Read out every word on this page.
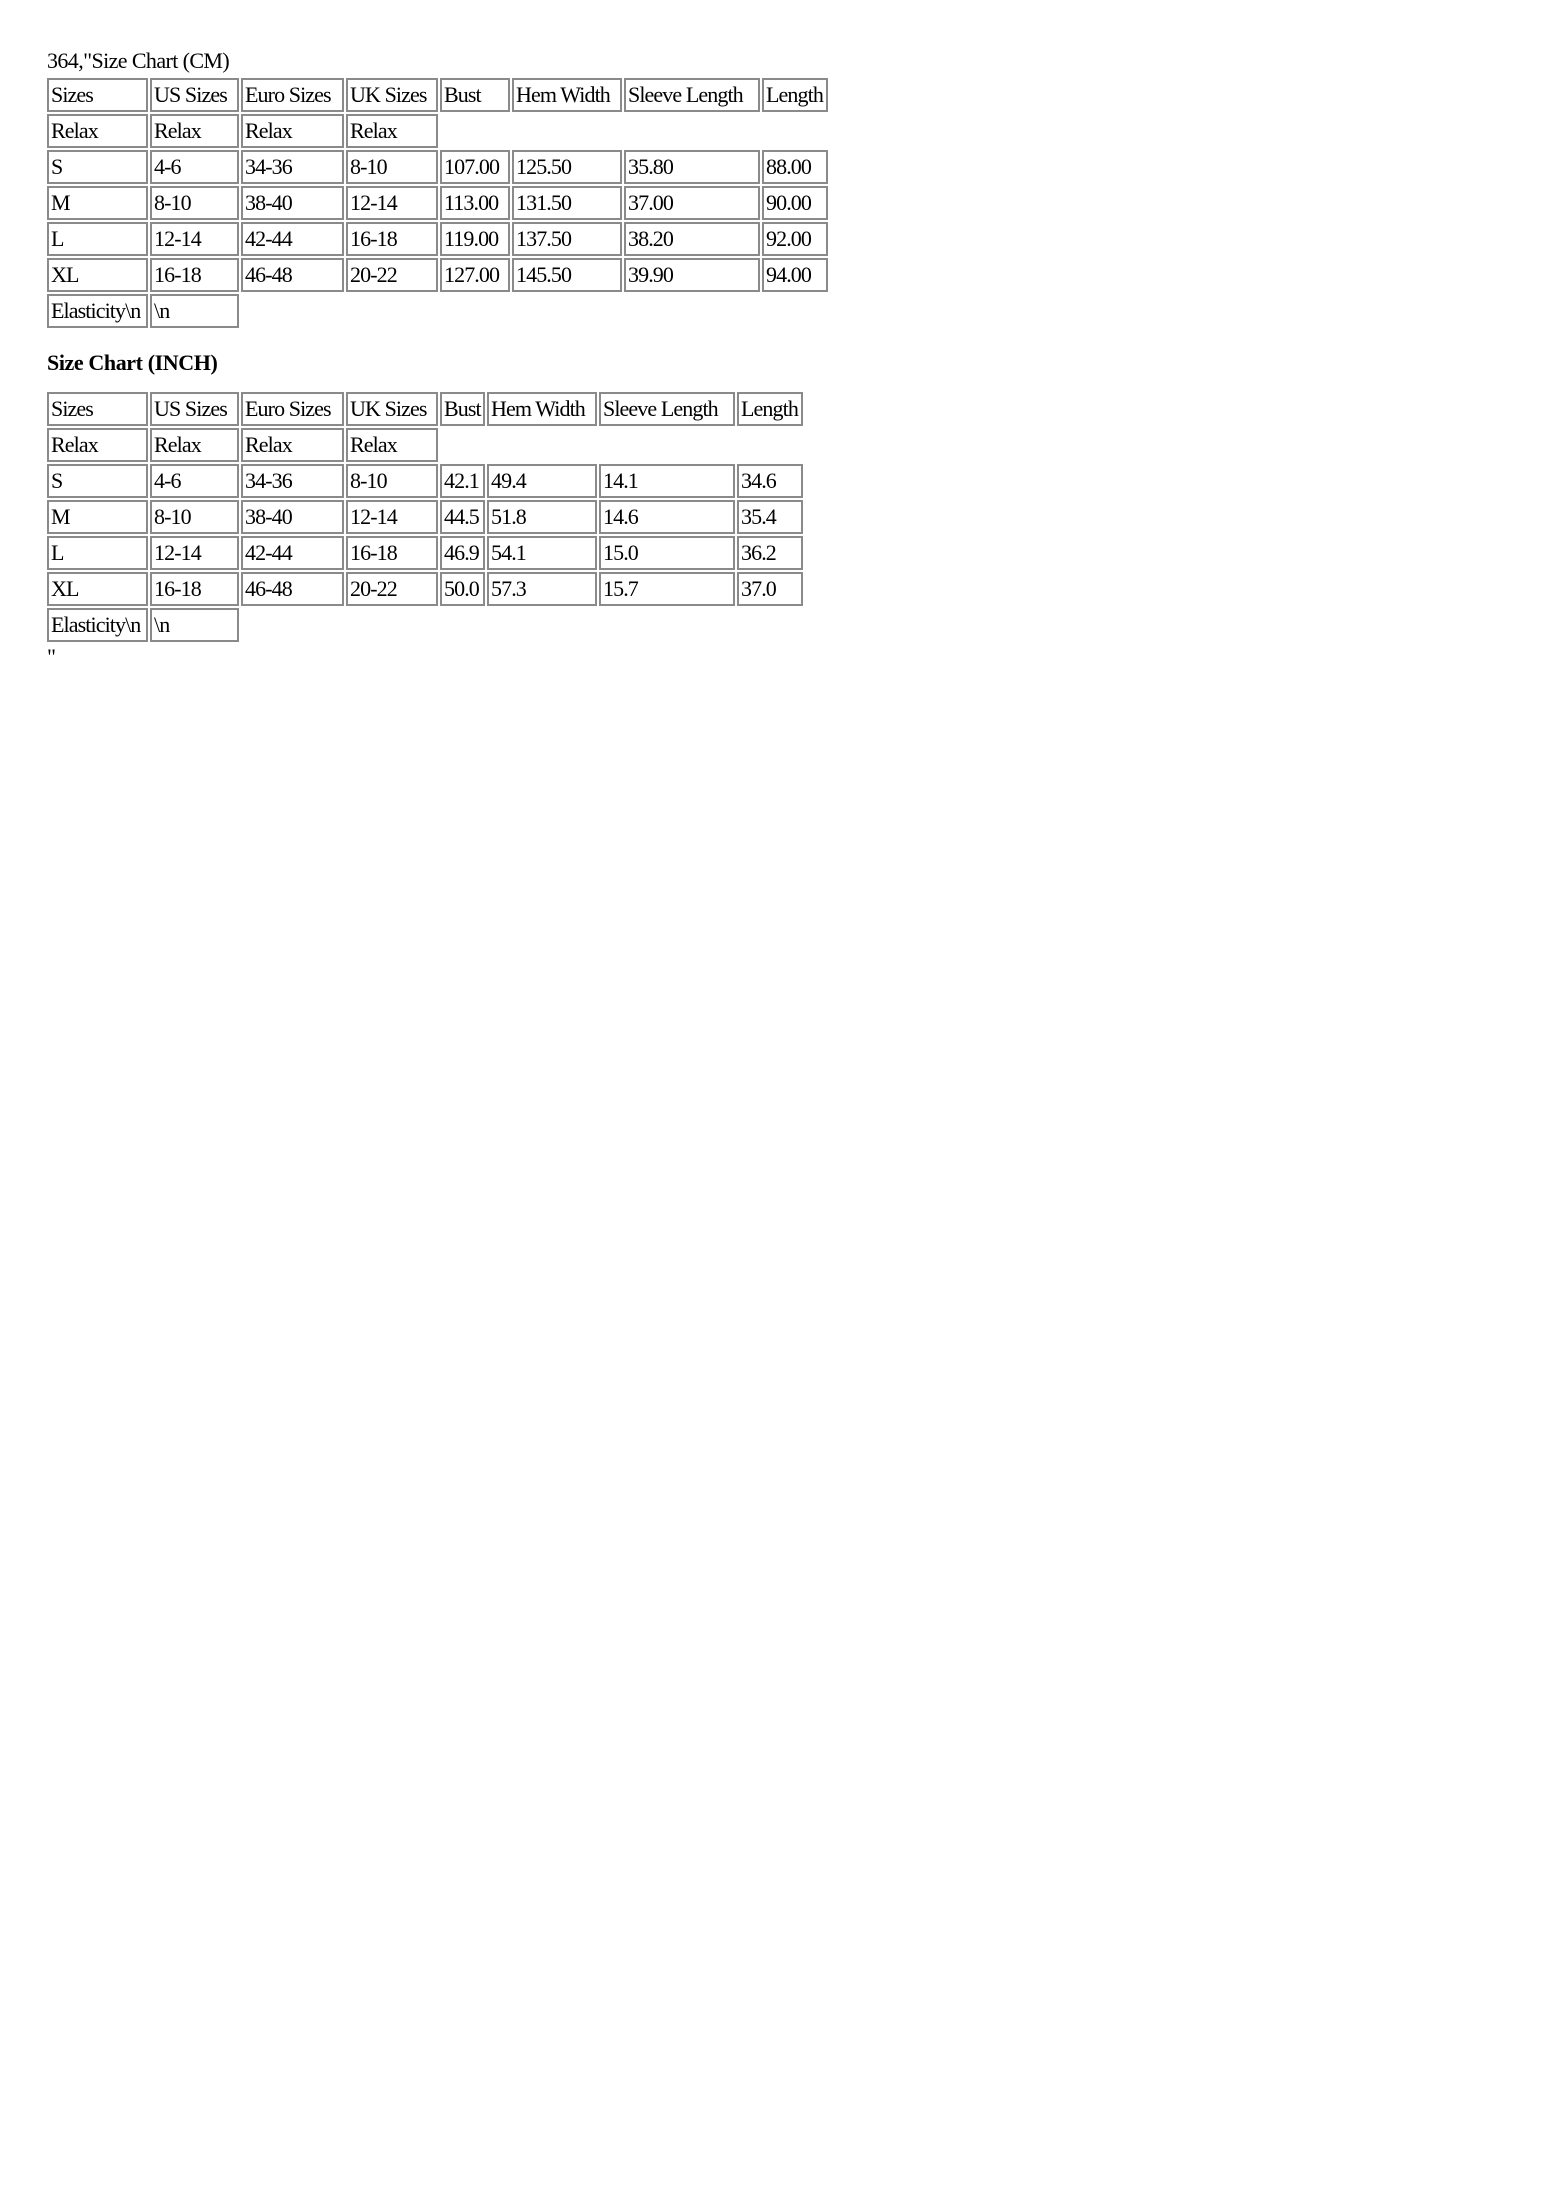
364,"Size Chart (CM)
Sizes	US Sizes	Euro Sizes	UK Sizes	Bust	Hem Width	Sleeve Length	Length
Relax	Relax	Relax	Relax				
S	4-6	34-36	8-10	107.00	125.50	35.80	88.00
M	8-10	38-40	12-14	113.00	131.50	37.00	90.00
L	12-14	42-44	16-18	119.00	137.50	38.20	92.00
XL	16-18	46-48	20-22	127.00	145.50	39.90	94.00
Elasticity\n	\n						
Size Chart (INCH)
Sizes	US Sizes	Euro Sizes	UK Sizes	Bust	Hem Width	Sleeve Length	Length
Relax	Relax	Relax	Relax				
S	4-6	34-36	8-10	42.1	49.4	14.1	34.6
M	8-10	38-40	12-14	44.5	51.8	14.6	35.4
L	12-14	42-44	16-18	46.9	54.1	15.0	36.2
XL	16-18	46-48	20-22	50.0	57.3	15.7	37.0
Elasticity\n	\n						
"
